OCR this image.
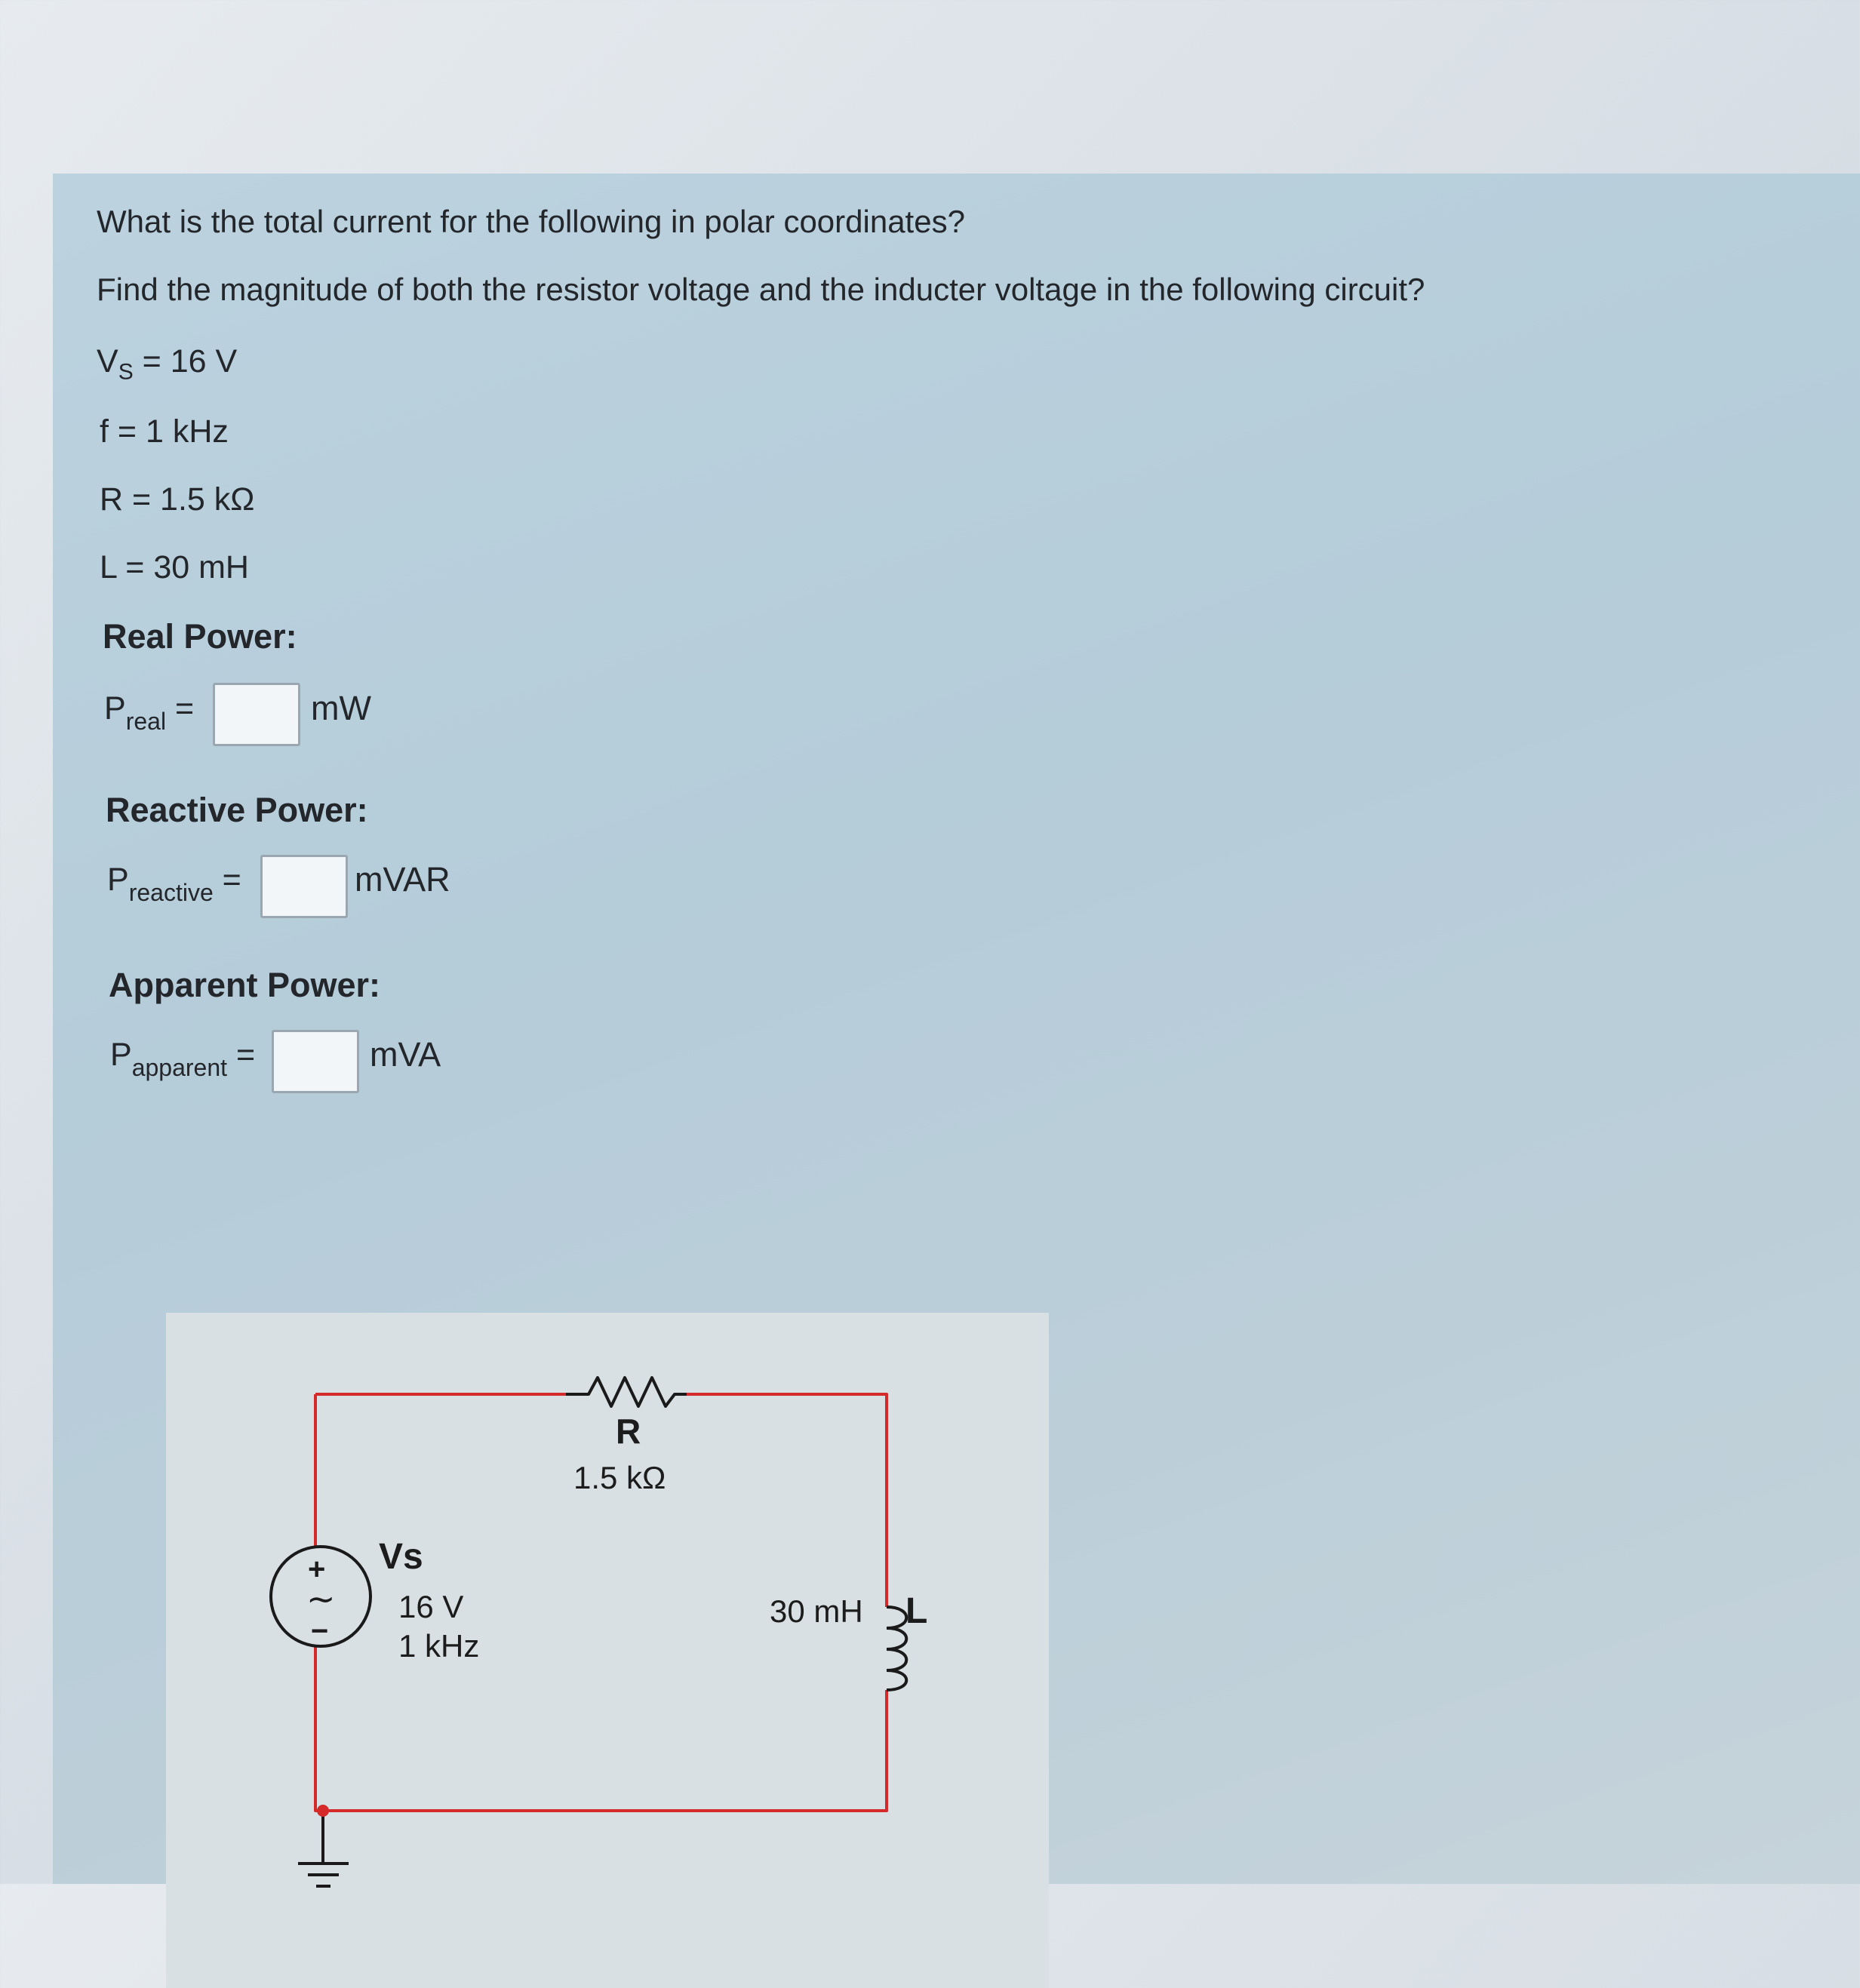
What is the total current for the following in polar coordinates?
Find the magnitude of both the resistor voltage and the inducter voltage in the following circuit?
$V_S = 16$ V
f = 1 kHz
R = 1.5 kΩ
L = 30 mH
Real Power:
$P_{real}$ =	mW
Reactive Power:
$P_{reactive}$ =	mVAR
Apparent Power:
$P_{apparent}$ =	mVA
R
1.5 kΩ
+
∼
−
Vs
16 V
1 kHz
30 mH L
